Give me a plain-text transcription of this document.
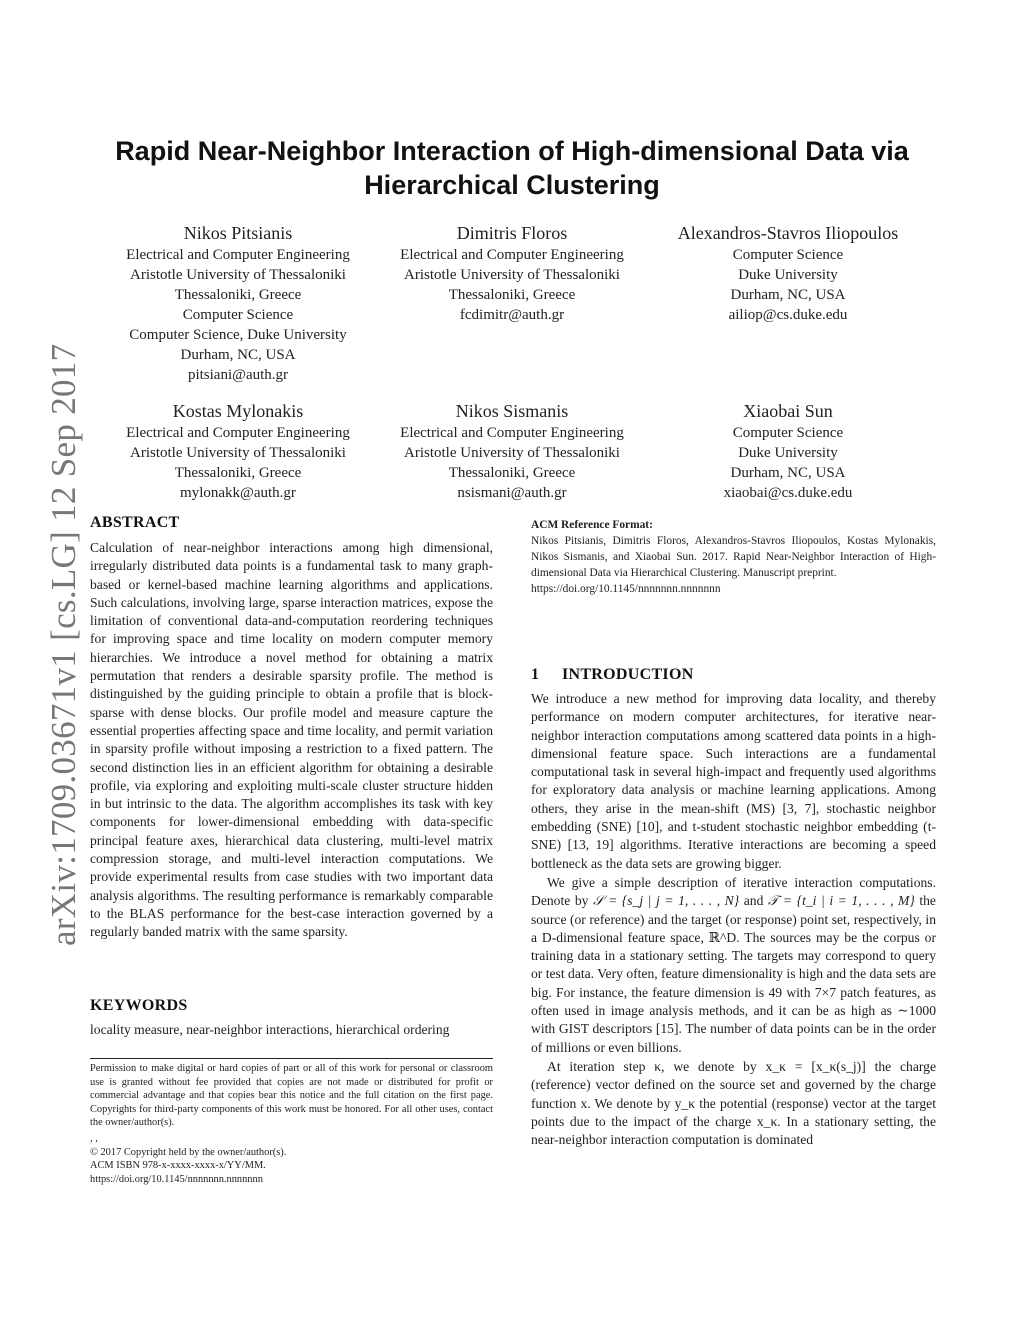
Rapid Near-Neighbor Interaction of High-dimensional Data via Hierarchical Clustering
arXiv:1709.03671v1 [cs.LG] 12 Sep 2017
Nikos Pitsianis
Electrical and Computer Engineering
Aristotle University of Thessaloniki
Thessaloniki, Greece
Computer Science
Computer Science, Duke University
Durham, NC, USA
pitsiani@auth.gr
Dimitris Floros
Electrical and Computer Engineering
Aristotle University of Thessaloniki
Thessaloniki, Greece
fcdimitr@auth.gr
Alexandros-Stavros Iliopoulos
Computer Science
Duke University
Durham, NC, USA
ailiop@cs.duke.edu
Kostas Mylonakis
Electrical and Computer Engineering
Aristotle University of Thessaloniki
Thessaloniki, Greece
mylonakk@auth.gr
Nikos Sismanis
Electrical and Computer Engineering
Aristotle University of Thessaloniki
Thessaloniki, Greece
nsismani@auth.gr
Xiaobai Sun
Computer Science
Duke University
Durham, NC, USA
xiaobai@cs.duke.edu
ABSTRACT

Calculation of near-neighbor interactions among high dimensional, irregularly distributed data points is a fundamental task to many graph-based or kernel-based machine learning algorithms and applications. Such calculations, involving large, sparse interaction matrices, expose the limitation of conventional data-and-computation reordering techniques for improving space and time locality on modern computer memory hierarchies. We introduce a novel method for obtaining a matrix permutation that renders a desirable sparsity profile. The method is distinguished by the guiding principle to obtain a profile that is block-sparse with dense blocks. Our profile model and measure capture the essential properties affecting space and time locality, and permit variation in sparsity profile without imposing a restriction to a fixed pattern. The second distinction lies in an efficient algorithm for obtaining a desirable profile, via exploring and exploiting multi-scale cluster structure hidden in but intrinsic to the data. The algorithm accomplishes its task with key components for lower-dimensional embedding with data-specific principal feature axes, hierarchical data clustering, multi-level matrix compression storage, and multi-level interaction computations. We provide experimental results from case studies with two important data analysis algorithms. The resulting performance is remarkably comparable to the BLAS performance for the best-case interaction governed by a regularly banded matrix with the same sparsity.

KEYWORDS
locality measure, near-neighbor interactions, hierarchical ordering
Permission to make digital or hard copies of part or all of this work for personal or classroom use is granted without fee provided that copies are not made or distributed for profit or commercial advantage and that copies bear this notice and the full citation on the first page. Copyrights for third-party components of this work must be honored. For all other uses, contact the owner/author(s).
, ,
© 2017 Copyright held by the owner/author(s).
ACM ISBN 978-x-xxxx-xxxx-x/YY/MM.
https://doi.org/10.1145/nnnnnnn.nnnnnnn
ACM Reference Format:
Nikos Pitsianis, Dimitris Floros, Alexandros-Stavros Iliopoulos, Kostas Mylonakis, Nikos Sismanis, and Xiaobai Sun. 2017. Rapid Near-Neighbor Interaction of High-dimensional Data via Hierarchical Clustering. Manuscript preprint.
https://doi.org/10.1145/nnnnnnn.nnnnnnn
1 INTRODUCTION

We introduce a new method for improving data locality, and thereby performance on modern computer architectures, for iterative near-neighbor interaction computations among scattered data points in a high-dimensional feature space. Such interactions are a fundamental computational task in several high-impact and frequently used algorithms for exploratory data analysis or machine learning applications. Among others, they arise in the mean-shift (MS) [3, 7], stochastic neighbor embedding (SNE) [10], and t-student stochastic neighbor embedding (t-SNE) [13, 19] algorithms. Iterative interactions are becoming a speed bottleneck as the data sets are growing bigger.

We give a simple description of iterative interaction computations. Denote by 𝒮 = {s_j | j = 1, . . . , N} and 𝒯 = {t_i | i = 1, . . . , M} the source (or reference) and the target (or response) point set, respectively, in a D-dimensional feature space, ℝ^D. The sources may be the corpus or training data in a stationary setting. The targets may correspond to query or test data. Very often, feature dimensionality is high and the data sets are big. For instance, the feature dimension is 49 with 7×7 patch features, as often used in image analysis methods, and it can be as high as ∼1000 with GIST descriptors [15]. The number of data points can be in the order of millions or even billions.

At iteration step κ, we denote by x_κ = [x_κ(s_j)] the charge (reference) vector defined on the source set and governed by the charge function x. We denote by y_κ the potential (response) vector at the target points due to the impact of the charge x_κ. In a stationary setting, the near-neighbor interaction computation is dominated
